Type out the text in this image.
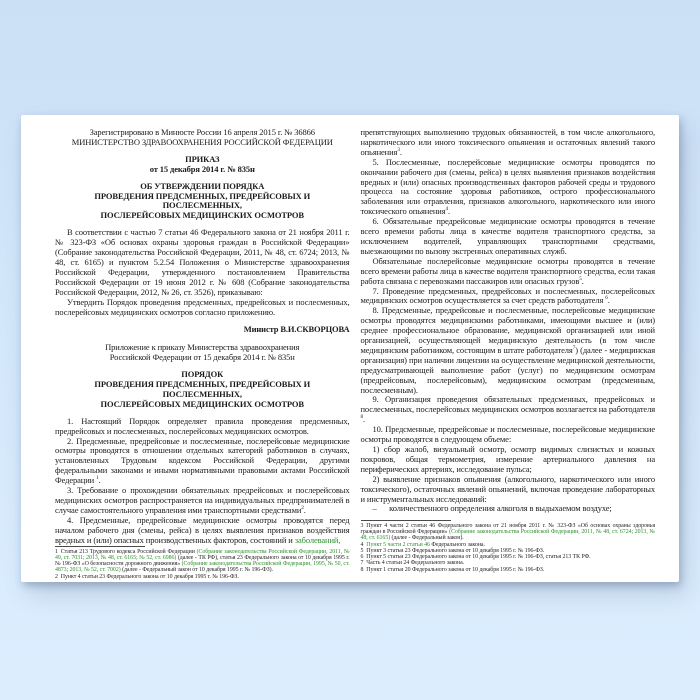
Зарегистрировано в Минюсте России 16 апреля 2015 г. № 36866
МИНИСТЕРСТВО ЗДРАВООХРАНЕНИЯ РОССИЙСКОЙ ФЕДЕРАЦИИ
ПРИКАЗ
от 15 декабря 2014 г. № 835н
ОБ УТВЕРЖДЕНИИ ПОРЯДКА
ПРОВЕДЕНИЯ ПРЕДСМЕННЫХ, ПРЕДРЕЙСОВЫХ И ПОСЛЕСМЕННЫХ,
ПОСЛЕРЕЙСОВЫХ МЕДИЦИНСКИХ ОСМОТРОВ

В соответствии с частью 7 статьи 46 Федерального закона от 21 ноября 2011 г. № 323-ФЗ «Об основах охраны здоровья граждан в Российской Федерации» (Собрание законодательства Российской Федерации, 2011, № 48, ст. 6724; 2013, № 48, ст. 6165) и пунктом 5.2.54 Положения о Министерстве здравоохранения Российской Федерации, утвержденного постановлением Правительства Российской Федерации от 19 июня 2012 г. № 608 (Собрание законодательства Российской Федерации, 2012, № 26, ст. 3526), приказываю:

Утвердить Порядок проведения предсменных, предрейсовых и послесменных, послерейсовых медицинских осмотров согласно приложению.

Министр В.И.СКВОРЦОВА
Приложение к приказу Министерства здравоохранения
Российской Федерации от 15 декабря 2014 г. № 835н
ПОРЯДОК
ПРОВЕДЕНИЯ ПРЕДСМЕННЫХ, ПРЕДРЕЙСОВЫХ И ПОСЛЕСМЕННЫХ,
ПОСЛЕРЕЙСОВЫХ МЕДИЦИНСКИХ ОСМОТРОВ

1. Настоящий Порядок определяет правила проведения предсменных, предрейсовых и послесменных, послерейсовых медицинских осмотров.

2. Предсменные, предрейсовые и послесменные, послерейсовые медицинские осмотры проводятся в отношении отдельных категорий работников в случаях, установленных Трудовым кодексом Российской Федерации, другими федеральными законами и иными нормативными правовыми актами Российской Федерации $^1$.

3. Требование о прохождении обязательных предрейсовых и послерейсовых медицинских осмотров распространяется на индивидуальных предпринимателей в случае самостоятельного управления ими транспортными средствами$^2$.

4. Предсменные, предрейсовые медицинские осмотры проводятся перед началом рабочего дня (смены, рейса) в целях выявления признаков воздействия вредных и (или) опасных производственных факторов, состояний и заболеваний,

1 Статья 213 Трудового кодекса Российской Федерации (Собрание законодательства Российской Федерации, 2011, № 49, ст. 7031; 2013, № 48, ст. 6165; № 52, ст. 6986) (далее - ТК РФ), статья 23 Федерального закона от 10 декабря 1995 г. № 196-ФЗ «О безопасности дорожного движения» (Собрание законодательства Российской Федерации, 1995, № 50, ст. 4873; 2013, № 52, ст. 7002) (далее - Федеральный закон от 10 декабря 1995 г. № 196-ФЗ).

2 Пункт 4 статьи 23 Федерального закона от 10 декабря 1995 г. № 196-ФЗ.

препятствующих выполнению трудовых обязанностей, в том числе алкогольного, наркотического или иного токсического опьянения и остаточных явлений такого опьянения$^3$.

5. Послесменные, послерейсовые медицинские осмотры проводятся по окончании рабочего дня (смены, рейса) в целях выявления признаков воздействия вредных и (или) опасных производственных факторов рабочей среды и трудового процесса на состояние здоровья работников, острого профессионального заболевания или отравления, признаков алкогольного, наркотического или иного токсического опьянения$^4$.

6. Обязательные предрейсовые медицинские осмотры проводятся в течение всего времени работы лица в качестве водителя транспортного средства, за исключением водителей, управляющих транспортными средствами, выезжающими по вызову экстренных оперативных служб.

Обязательные послерейсовые медицинские осмотры проводятся в течение всего времени работы лица в качестве водителя транспортного средства, если такая работа связана с перевозками пассажиров или опасных грузов$^5$.

7. Проведение предсменных, предрейсовых и послесменных, послерейсовых медицинских осмотров осуществляется за счет средств работодателя $^6$.

8. Предсменные, предрейсовые и послесменные, послерейсовые медицинские осмотры проводятся медицинскими работниками, имеющими высшее и (или) среднее профессиональное образование, медицинской организацией или иной организацией, осуществляющей медицинскую деятельность (в том числе медицинским работником, состоящим в штате работодателя$^7$) (далее - медицинская организация) при наличии лицензии на осуществление медицинской деятельности, предусматривающей выполнение работ (услуг) по медицинским осмотрам (предрейсовым, послерейсовым), медицинским осмотрам (предсменным, послесменным).

9. Организация проведения обязательных предсменных, предрейсовых и послесменных, послерейсовых медицинских осмотров возлагается на работодателя $^8$.

10. Предсменные, предрейсовые и послесменные, послерейсовые медицинские осмотры проводятся в следующем объеме:

1) сбор жалоб, визуальный осмотр, осмотр видимых слизистых и кожных покровов, общая термометрия, измерение артериального давления на периферических артериях, исследование пульса;

2) выявление признаков опьянения (алкогольного, наркотического или иного токсического), остаточных явлений опьянений, включая проведение лабораторных и инструментальных исследований:

–  количественного определения алкоголя в выдыхаемом воздухе;

3 Пункт 4 части 2 статьи 46 Федерального закона от 21 ноября 2011 г. № 323-ФЗ «Об основах охраны здоровья граждан в Российской Федерации» (Собрание законодательства Российской Федерации, 2011, № 48, ст. 6724; 2013, № 48, ст. 6165) (далее - Федеральный закон).

4 Пункт 5 части 2 статьи 46 Федерального закона.

5 Пункт 3 статьи 23 Федерального закона от 10 декабря 1995 г. № 196-ФЗ.

6 Пункт 5 статьи 23 Федерального закона от 10 декабря 1995 г. № 196-ФЗ, статья 213 ТК РФ.

7 Часть 4 статьи 24 Федерального закона.

8 Пункт 1 статьи 20 Федерального закона от 10 декабря 1995 г. № 196-ФЗ.
